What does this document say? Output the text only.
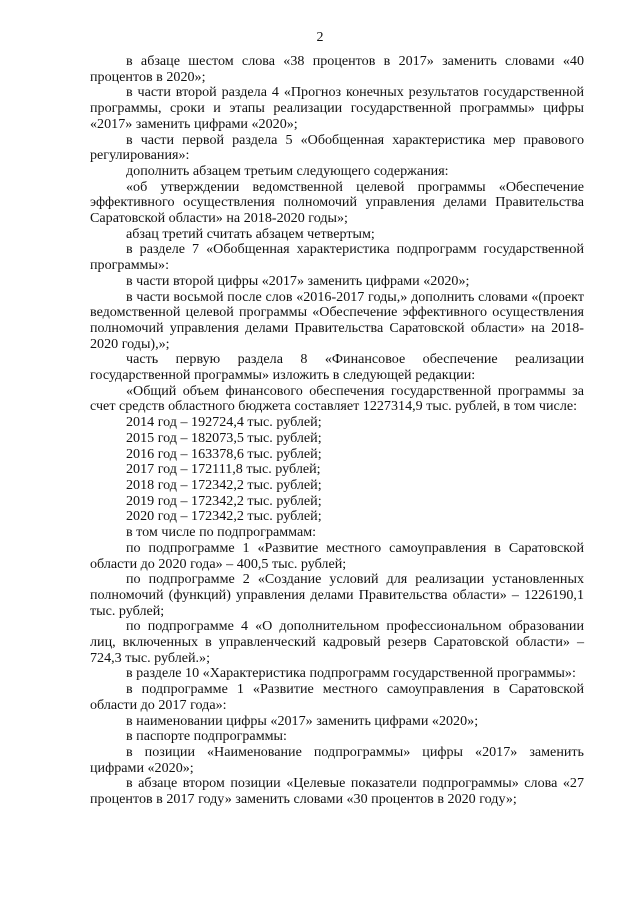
2

в абзаце шестом слова «38 процентов в 2017» заменить словами «40 процентов в 2020»;

в части второй раздела 4 «Прогноз конечных результатов государственной программы, сроки и этапы реализации государственной программы» цифры «2017» заменить цифрами «2020»;

в части первой раздела 5 «Обобщенная характеристика мер правового регулирования»:

дополнить абзацем третьим следующего содержания:

«об утверждении ведомственной целевой программы «Обеспечение эффективного осуществления полномочий управления делами Правительства Саратовской области» на 2018-2020 годы»;

абзац третий считать абзацем четвертым;

в разделе 7 «Обобщенная характеристика подпрограмм государственной программы»:

в части второй цифры «2017» заменить цифрами «2020»;

в части восьмой после слов «2016-2017 годы,» дополнить словами «(проект ведомственной целевой программы «Обеспечение эффективного осуществления полномочий управления делами Правительства Саратовской области» на 2018-2020 годы),»;

часть первую раздела 8 «Финансовое обеспечение реализации государственной программы» изложить в следующей редакции:

«Общий объем финансового обеспечения государственной программы за счет средств областного бюджета составляет 1227314,9 тыс. рублей, в том числе:

2014 год – 192724,4 тыс. рублей;

2015 год – 182073,5 тыс. рублей;

2016 год – 163378,6 тыс. рублей;

2017 год – 172111,8 тыс. рублей;

2018 год – 172342,2 тыс. рублей;

2019 год – 172342,2 тыс. рублей;

2020 год – 172342,2 тыс. рублей;

в том числе по подпрограммам:

по подпрограмме 1 «Развитие местного самоуправления в Саратовской области до 2020 года» – 400,5 тыс. рублей;

по подпрограмме 2 «Создание условий для реализации установленных полномочий (функций) управления делами Правительства области» – 1226190,1 тыс. рублей;

по подпрограмме 4 «О дополнительном профессиональном образовании лиц, включенных в управленческий кадровый резерв Саратовской области» – 724,3 тыс. рублей.»;

в разделе 10 «Характеристика подпрограмм государственной программы»:

в подпрограмме 1 «Развитие местного самоуправления в Саратовской области до 2017 года»:

в наименовании цифры «2017» заменить цифрами «2020»;

в паспорте подпрограммы:

в позиции «Наименование подпрограммы» цифры «2017» заменить цифрами «2020»;

в абзаце втором позиции «Целевые показатели подпрограммы» слова «27 процентов в 2017 году» заменить словами «30 процентов в 2020 году»;
